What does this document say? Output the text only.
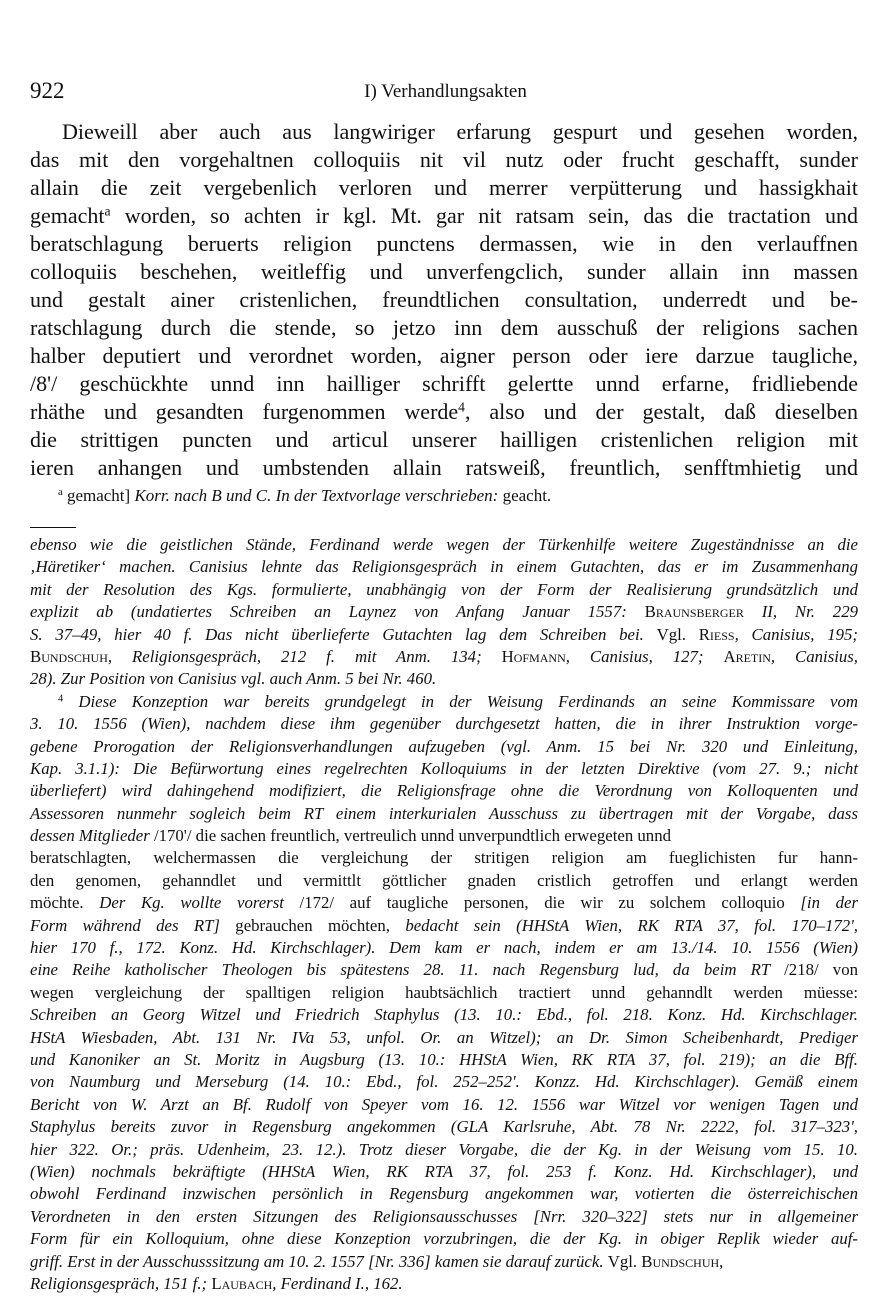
922	I) Verhandlungsakten
Dieweill aber auch aus langwiriger erfarung gespurt und gesehen worden,
das mit den vorgehaltnen colloquiis nit vil nutz oder frucht geschafft, sunder
allain die zeit vergebenlich verloren und merrer verpütterung und hassigkhait
gemacht$^a$ worden, so achten ir kgl. Mt. gar nit ratsam sein, das die tractation und
beratschlagung beruerts religion punctens dermassen, wie in den verlauffnen
colloquiis beschehen, weitleffig und unverfengclich, sunder allain inn massen
und gestalt ainer cristenlichen, freundtlichen consultation, underredt und be-
ratschlagung durch die stende, so jetzo inn dem ausschuß der religions sachen
halber deputiert und verordnet worden, aigner person oder iere darzue taugliche,
/8'/ geschückhte unnd inn hailliger schrifft gelertte unnd erfarne, fridliebende
rhäthe und gesandten furgenommen werde$^4$, also und der gestalt, daß dieselben
die strittigen puncten und articul unserer hailligen cristenlichen religion mit
ieren anhangen und umbstenden allain ratsweiß, freuntlich, senfftmhietig und
$^a$ gemacht] Korr. nach B und C. In der Textvorlage verschrieben: geacht.
ebenso wie die geistlichen Stände, Ferdinand werde wegen der Türkenhilfe weitere Zugeständnisse an die
‚Häretiker‘ machen. Canisius lehnte das Religionsgespräch in einem Gutachten, das er im Zusammenhang
mit der Resolution des Kgs. formulierte, unabhängig von der Form der Realisierung grundsätzlich und
explizit ab (undatiertes Schreiben an Laynez von Anfang Januar 1557: Braunsberger II, Nr. 229
S. 37–49, hier 40 f. Das nicht überlieferte Gutachten lag dem Schreiben bei. Vgl. Riess, Canisius, 195;
Bundschuh, Religionsgespräch, 212 f. mit Anm. 134; Hofmann, Canisius, 127; Aretin, Canisius,
28). Zur Position von Canisius vgl. auch Anm. 5 bei Nr. 460.
$^4$ Diese Konzeption war bereits grundgelegt in der Weisung Ferdinands an seine Kommissare vom
3. 10. 1556 (Wien), nachdem diese ihm gegenüber durchgesetzt hatten, die in ihrer Instruktion vorge-
gebene Prorogation der Religionsverhandlungen aufzugeben (vgl. Anm. 15 bei Nr. 320 und Einleitung,
Kap. 3.1.1): Die Befürwortung eines regelrechten Kolloquiums in der letzten Direktive (vom 27. 9.; nicht
überliefert) wird dahingehend modifiziert, die Religionsfrage ohne die Verordnung von Kolloquenten und
Assessoren nunmehr sogleich beim RT einem interkurialen Ausschuss zu übertragen mit der Vorgabe, dass
dessen Mitglieder /170'/ die sachen freuntlich, vertreulich unnd unverpundtlich erwegeten unnd
beratschlagten, welchermassen die vergleichung der stritigen religion am fueglichisten fur hann-
den genomen, gehanndlet und vermittlt göttlicher gnaden cristlich getroffen und erlangt werden
möchte. Der Kg. wollte vorerst /172/ auf taugliche personen, die wir zu solchem colloquio [in der
Form während des RT] gebrauchen möchten, bedacht sein (HHStA Wien, RK RTA 37, fol. 170–172',
hier 170 f., 172. Konz. Hd. Kirchschlager). Dem kam er nach, indem er am 13./14. 10. 1556 (Wien)
eine Reihe katholischer Theologen bis spätestens 28. 11. nach Regensburg lud, da beim RT /218/ von
wegen vergleichung der spalltigen religion haubtsächlich tractiert unnd gehanndlt werden müesse:
Schreiben an Georg Witzel und Friedrich Staphylus (13. 10.: Ebd., fol. 218. Konz. Hd. Kirchschlager.
HStA Wiesbaden, Abt. 131 Nr. IVa 53, unfol. Or. an Witzel); an Dr. Simon Scheibenhardt, Prediger
und Kanoniker an St. Moritz in Augsburg (13. 10.: HHStA Wien, RK RTA 37, fol. 219); an die Bff.
von Naumburg und Merseburg (14. 10.: Ebd., fol. 252–252'. Konzz. Hd. Kirchschlager). Gemäß einem
Bericht von W. Arzt an Bf. Rudolf von Speyer vom 16. 12. 1556 war Witzel vor wenigen Tagen und
Staphylus bereits zuvor in Regensburg angekommen (GLA Karlsruhe, Abt. 78 Nr. 2222, fol. 317–323',
hier 322. Or.; präs. Udenheim, 23. 12.). Trotz dieser Vorgabe, die der Kg. in der Weisung vom 15. 10.
(Wien) nochmals bekräftigte (HHStA Wien, RK RTA 37, fol. 253 f. Konz. Hd. Kirchschlager), und
obwohl Ferdinand inzwischen persönlich in Regensburg angekommen war, votierten die österreichischen
Verordneten in den ersten Sitzungen des Religionsausschusses [Nrr. 320–322] stets nur in allgemeiner
Form für ein Kolloquium, ohne diese Konzeption vorzubringen, die der Kg. in obiger Replik wieder auf-
griff. Erst in der Ausschusssitzung am 10. 2. 1557 [Nr. 336] kamen sie darauf zurück. Vgl. Bundschuh,
Religionsgespräch, 151 f.; Laubach, Ferdinand I., 162.
